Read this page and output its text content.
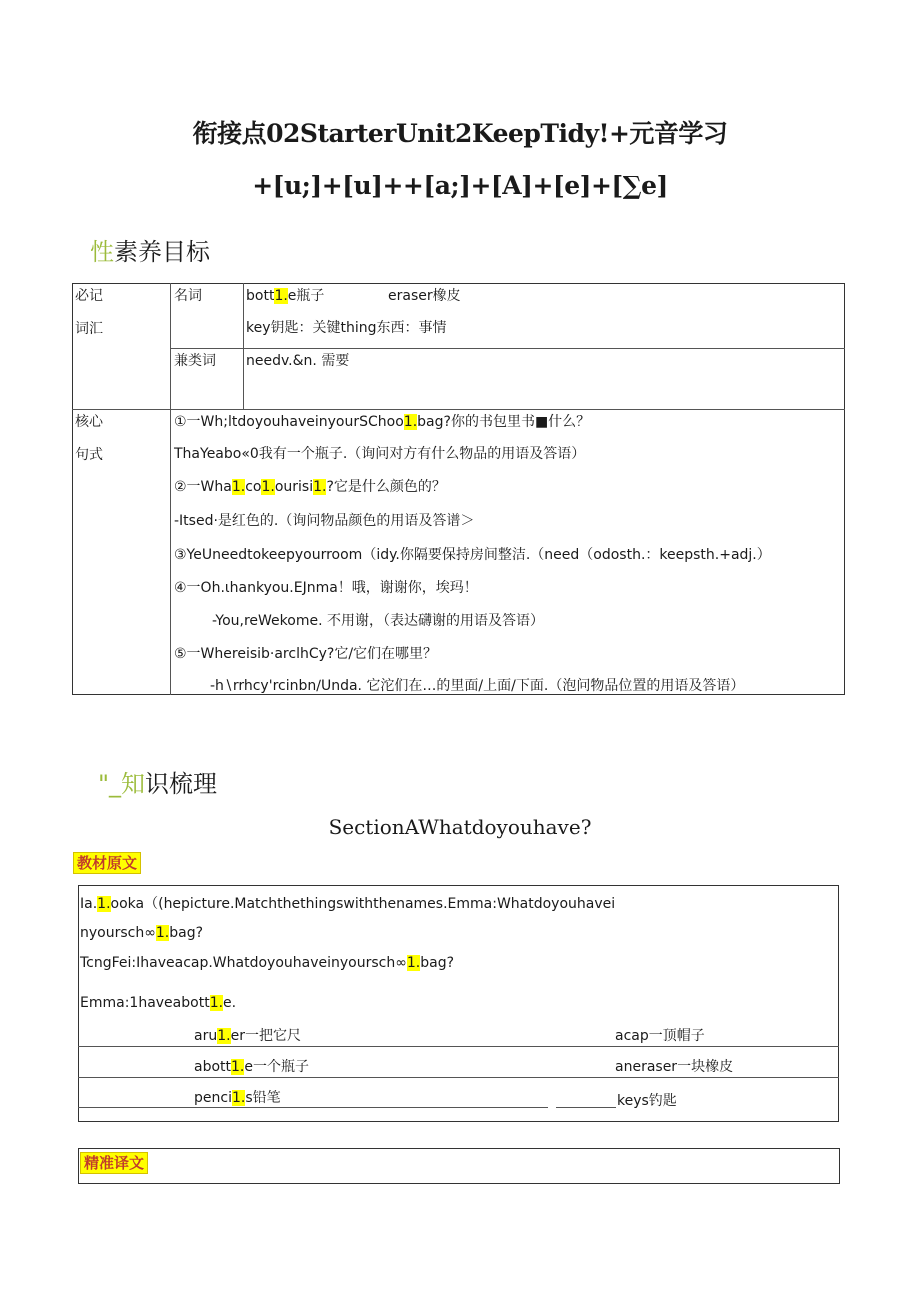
衔接点02StarterUnit2KeepTidy!+元音学习
+[u;]+[u]++[a;]+[A]+[e]+[∑e]
性素养目标
必记
词汇
名词	bott1.e瓶子	eraser橡皮
key钥匙：关键thing东西：事情
兼类词 needv.&n. 需要
核心
句式
①一Wh;ltdoyouhaveinyourSChoo1.bag?你的书包里书■什么？
ThaYeabo«0我有一个瓶子.（询问对方有什么物品的用语及答语）
②一Wha1.co1.ourisi1.?它是什么颜色的？
-Itsed·是红色的.（询问物品颜色的用语及答谱＞
③YeUneedtokeepyourroom（idy.你隔要保持房间整洁.（need（odosth.：keepsth.+adj.）
④一Oh.ιhankyou.EJnma！哦，谢谢你，埃玛！
-You,reWekome. 不用谢，（表达礴谢的用语及答语）
⑤一Whereisib·arclhCy?它/它们在哪里？
-h∖rrhcy'rcinbn∕Unda. 它沱们在…的里面/上面/下面.（泡问物品位置的用语及答语）
"_知识梳理
SectionAWhatdoyouhave?
教材原文
Ia.1.ooka（(hepicture.Matchthethingswiththenames.Emma:Whatdoyouhavei
nyoursch∞1.bag?
TcngFei:Ihaveacap.Whatdoyouhaveinyoursch∞1.bag?
Emma:1haveabott1.e.
aru1.er一把它尺	acap一顶帽子
abott1.e一个瓶子	aneraser一块橡皮
penci1.s铅笔	keys钓匙
精准译文
